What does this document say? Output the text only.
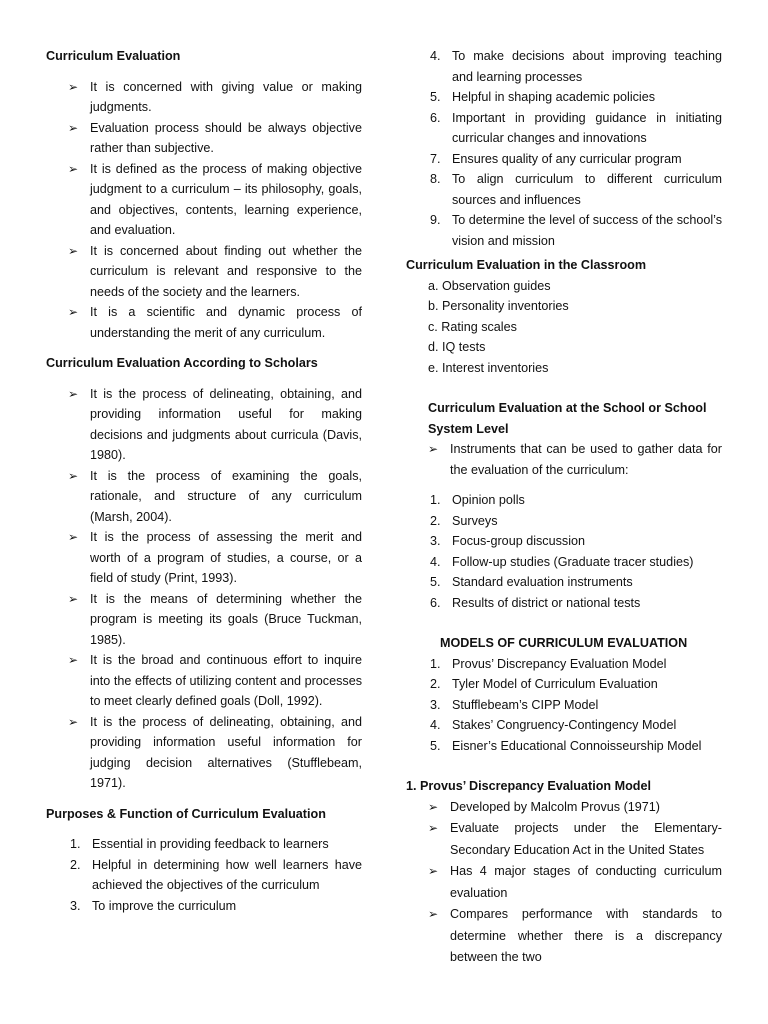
Curriculum Evaluation
➢ It is concerned with giving value or making judgments.
➢ Evaluation process should be always objective rather than subjective.
➢ It is defined as the process of making objective judgment to a curriculum – its philosophy, goals, and objectives, contents, learning experience, and evaluation.
➢ It is concerned about finding out whether the curriculum is relevant and responsive to the needs of the society and the learners.
➢ It is a scientific and dynamic process of understanding the merit of any curriculum.
Curriculum Evaluation According to Scholars
➢ It is the process of delineating, obtaining, and providing information useful for making decisions and judgments about curricula (Davis, 1980).
➢ It is the process of examining the goals, rationale, and structure of any curriculum (Marsh, 2004).
➢ It is the process of assessing the merit and worth of a program of studies, a course, or a field of study (Print, 1993).
➢ It is the means of determining whether the program is meeting its goals (Bruce Tuckman, 1985).
➢ It is the broad and continuous effort to inquire into the effects of utilizing content and processes to meet clearly defined goals (Doll, 1992).
➢ It is the process of delineating, obtaining, and providing information useful information for judging decision alternatives (Stufflebeam, 1971).
Purposes & Function of Curriculum Evaluation
1. Essential in providing feedback to learners
2. Helpful in determining how well learners have achieved the objectives of the curriculum
3. To improve the curriculum
4. To make decisions about improving teaching and learning processes
5. Helpful in shaping academic policies
6. Important in providing guidance in initiating curricular changes and innovations
7. Ensures quality of any curricular program
8. To align curriculum to different curriculum sources and influences
9. To determine the level of success of the school’s vision and mission
Curriculum Evaluation in the Classroom
a. Observation guides
b. Personality inventories
c. Rating scales
d. IQ tests
e. Interest inventories
Curriculum Evaluation at the School or School System Level
➢ Instruments that can be used to gather data for the evaluation of the curriculum:
1. Opinion polls
2. Surveys
3. Focus-group discussion
4. Follow-up studies (Graduate tracer studies)
5. Standard evaluation instruments
6. Results of district or national tests
MODELS OF CURRICULUM EVALUATION
1. Provus’ Discrepancy Evaluation Model
2. Tyler Model of Curriculum Evaluation
3. Stufflebeam’s CIPP Model
4. Stakes’ Congruency-Contingency Model
5. Eisner’s Educational Connoisseurship Model
1. Provus’ Discrepancy Evaluation Model
➢ Developed by Malcolm Provus (1971)
➢ Evaluate projects under the Elementary-Secondary Education Act in the United States
➢ Has 4 major stages of conducting curriculum evaluation
➢ Compares performance with standards to determine whether there is a discrepancy between the two
